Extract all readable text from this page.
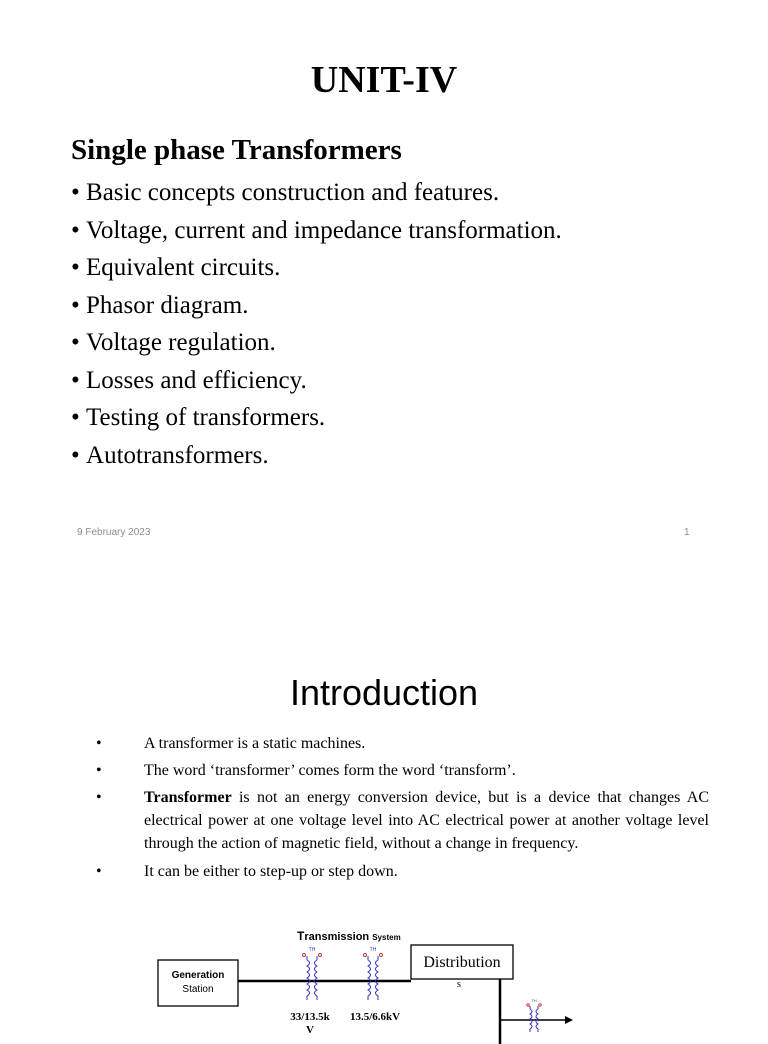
UNIT-IV
Single phase Transformers
• Basic concepts construction and features.
• Voltage, current and impedance transformation.
• Equivalent circuits.
• Phasor diagram.
• Voltage regulation.
• Losses and efficiency.
• Testing of transformers.
• Autotransformers.
9 February 2023	1
Introduction
•	A transformer is a static machines.
•	The word ‘transformer’ comes form the word ‘transform’.
•	Transformer is not an energy conversion device, but is a device that changes AC electrical power at one voltage level into AC electrical power at another voltage level through the action of magnetic field, without a change in frequency.
•	It can be either to step-up or step down.
Transmission System
Generation
Station
TH
33/13.5k
V
TH
13.5/6.6kV
Distribution
s
TH
